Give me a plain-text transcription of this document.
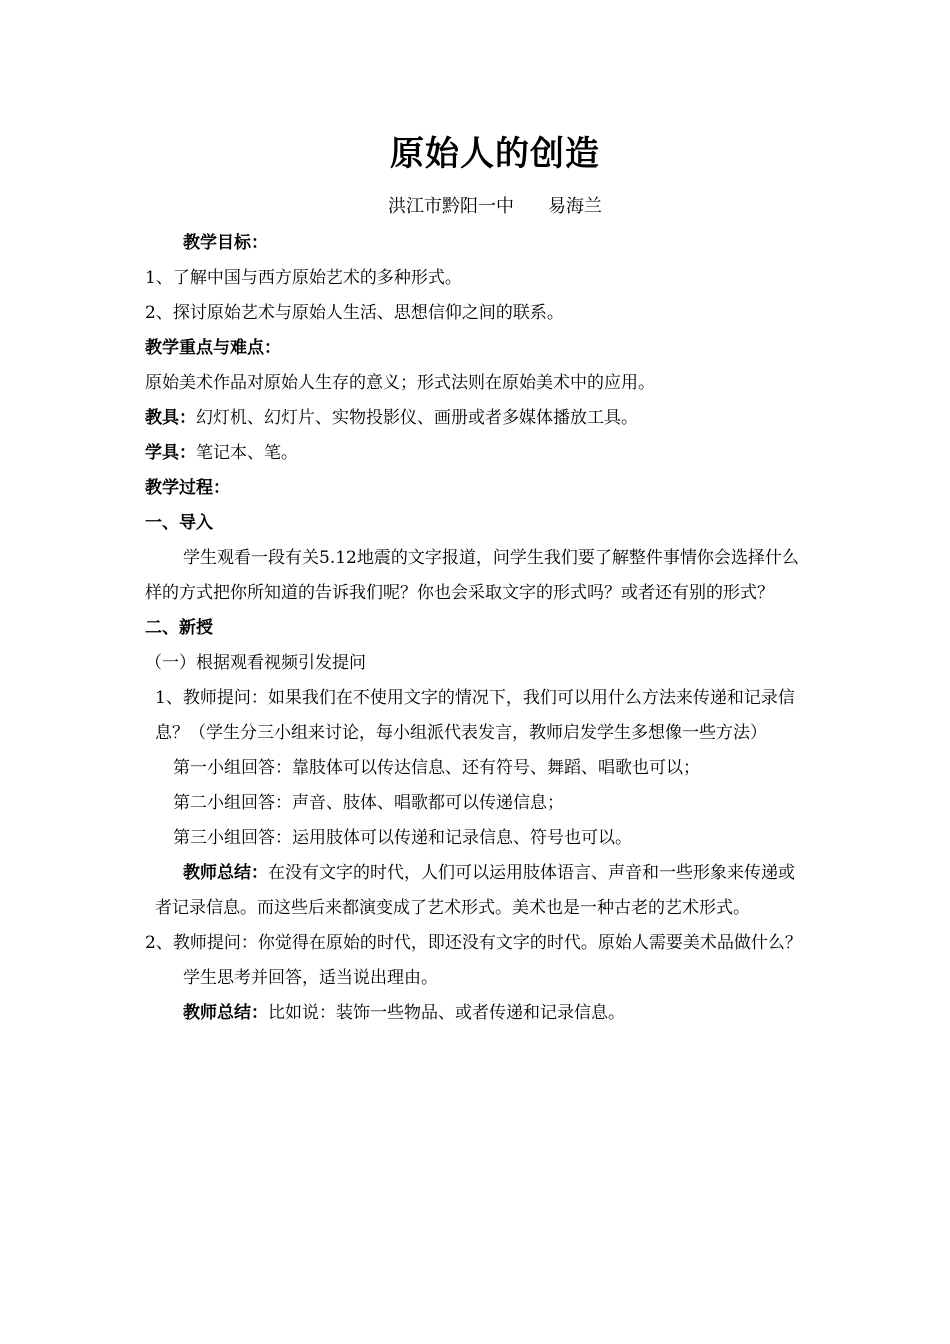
原始人的创造
洪江市黔阳一中 易海兰

教学目标：

1、了解中国与西方原始艺术的多种形式。

2、探讨原始艺术与原始人生活、思想信仰之间的联系。

教学重点与难点：

原始美术作品对原始人生存的意义；形式法则在原始美术中的应用。

教具：幻灯机、幻灯片、实物投影仪、画册或者多媒体播放工具。

学具：笔记本、笔。

教学过程：

一、导入

学生观看一段有关5.12地震的文字报道，问学生我们要了解整件事情你会选择什么样的方式把你所知道的告诉我们呢？你也会采取文字的形式吗？或者还有别的形式？

二、新授

（一）根据观看视频引发提问

1、教师提问：如果我们在不使用文字的情况下，我们可以用什么方法来传递和记录信息？（学生分三小组来讨论，每小组派代表发言，教师启发学生多想像一些方法）

第一小组回答：靠肢体可以传达信息、还有符号、舞蹈、唱歌也可以；

第二小组回答：声音、肢体、唱歌都可以传递信息；

第三小组回答：运用肢体可以传递和记录信息、符号也可以。

教师总结：在没有文字的时代，人们可以运用肢体语言、声音和一些形象来传递或者记录信息。而这些后来都演变成了艺术形式。美术也是一种古老的艺术形式。

2、教师提问：你觉得在原始的时代，即还没有文字的时代。原始人需要美术品做什么？

学生思考并回答，适当说出理由。

教师总结：比如说：装饰一些物品、或者传递和记录信息。
